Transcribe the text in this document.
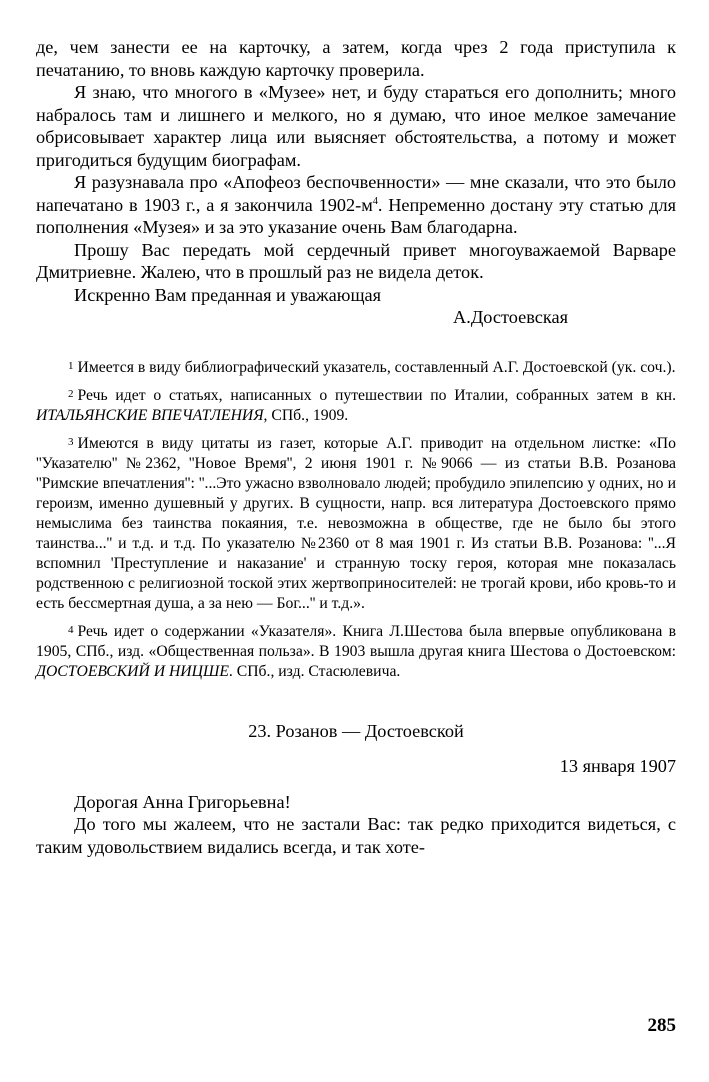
де, чем занести ее на карточку, а затем, когда чрез 2 года приступила к печатанию, то вновь каждую карточку проверила.

Я знаю, что многого в «Музее» нет, и буду стараться его дополнить; много набралось там и лишнего и мелкого, но я думаю, что иное мелкое замечание обрисовывает характер лица или выясняет обстоятельства, а потому и может пригодиться будущим биографам.

Я разузнавала про «Апофеоз беспочвенности» — мне сказали, что это было напечатано в 1903 г., а я закончила $1902-м^4$. Непременно достану эту статью для пополнения «Музея» и за это указание очень Вам благодарна.

Прошу Вас передать мой сердечный привет многоуважаемой Варваре Дмитриевне. Жалею, что в прошлый раз не видела деток.

Искренно Вам преданная и уважающая

А.Достоевская

1 Имеется в виду библиографический указатель, составленный А.Г. Достоевской (ук. соч.).

2 Речь идет о статьях, написанных о путешествии по Италии, собранных затем в кн. ИТАЛЬЯНСКИЕ ВПЕЧАТЛЕНИЯ, СПб., 1909.

3 Имеются в виду цитаты из газет, которые А.Г. приводит на отдельном листке: «По ''Указателю'' №2362, ''Новое Время'', 2 июня 1901 г. №9066 — из статьи В.В. Розанова ''Римские впечатления'': ''...Это ужасно взволновало людей; пробудило эпилепсию у одних, но и героизм, именно душевный у других. В сущности, напр. вся литература Достоевского прямо немыслима без таинства покаяния, т.е. невозможна в обществе, где не было бы этого таинства...'' и т.д. и т.д. По указателю №2360 от 8 мая 1901 г. Из статьи В.В. Розанова: ''...Я вспомнил 'Преступление и наказание' и странную тоску героя, которая мне показалась родственною с религиозной тоской этих жертвоприносителей: не трогай крови, ибо кровь-то и есть бессмертная душа, а за нею — Бог...'' и т.д.».

4 Речь идет о содержании «Указателя». Книга Л.Шестова была впервые опубликована в 1905, СПб., изд. «Общественная польза». В 1903 вышла другая книга Шестова о Достоевском: ДОСТОЕВСКИЙ И НИЦШЕ. СПб., изд. Стасюлевича.

23. Розанов — Достоевской
13 января 1907

Дорогая Анна Григорьевна!

До того мы жалеем, что не застали Вас: так редко приходится видеться, с таким удовольствием видались всегда, и так хоте-

285
